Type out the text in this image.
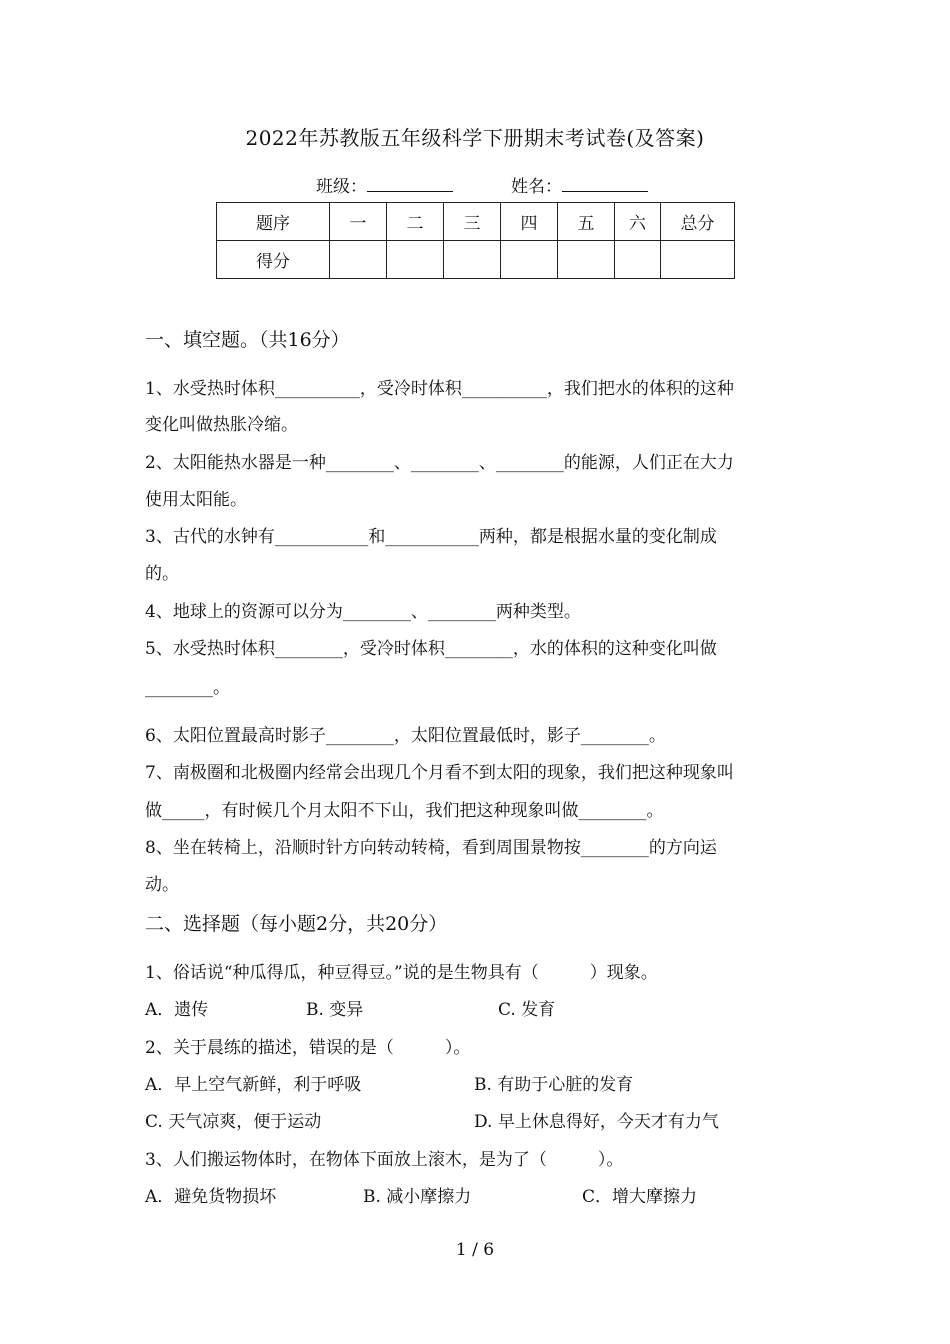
2022年苏教版五年级科学下册期末考试卷(及答案)
班级：	姓名：
题序	一	二	三	四	五	六	总分
得分							
一、填空题。（共16分）
1、水受热时体积__________，受冷时体积__________，我们把水的体积的这种
变化叫做热胀冷缩。
2、太阳能热水器是一种________、________、________的能源，人们正在大力
使用太阳能。
3、古代的水钟有___________和___________两种，都是根据水量的变化制成
的。
4、地球上的资源可以分为________、________两种类型。
5、水受热时体积________，受冷时体积________，水的体积的这种变化叫做
________。
6、太阳位置最高时影子________，太阳位置最低时，影子________。
7、南极圈和北极圈内经常会出现几个月看不到太阳的现象，我们把这种现象叫
做_____，有时候几个月太阳不下山，我们把这种现象叫做________。
8、坐在转椅上，沿顺时针方向转动转椅，看到周围景物按________的方向运
动。
二、选择题（每小题2分，共20分）
1、俗话说“种瓜得瓜，种豆得豆。”说的是生物具有（　　　）现象。
A．遗传	B. 变异	C. 发育
2、关于晨练的描述，错误的是（　　　）。
A．早上空气新鲜，利于呼吸	B. 有助于心脏的发育
C. 天气凉爽，便于运动	D. 早上休息得好，今天才有力气
3、人们搬运物体时，在物体下面放上滚木，是为了（　　　）。
A．避免货物损坏	B. 减小摩擦力	C．增大摩擦力
1 / 6
